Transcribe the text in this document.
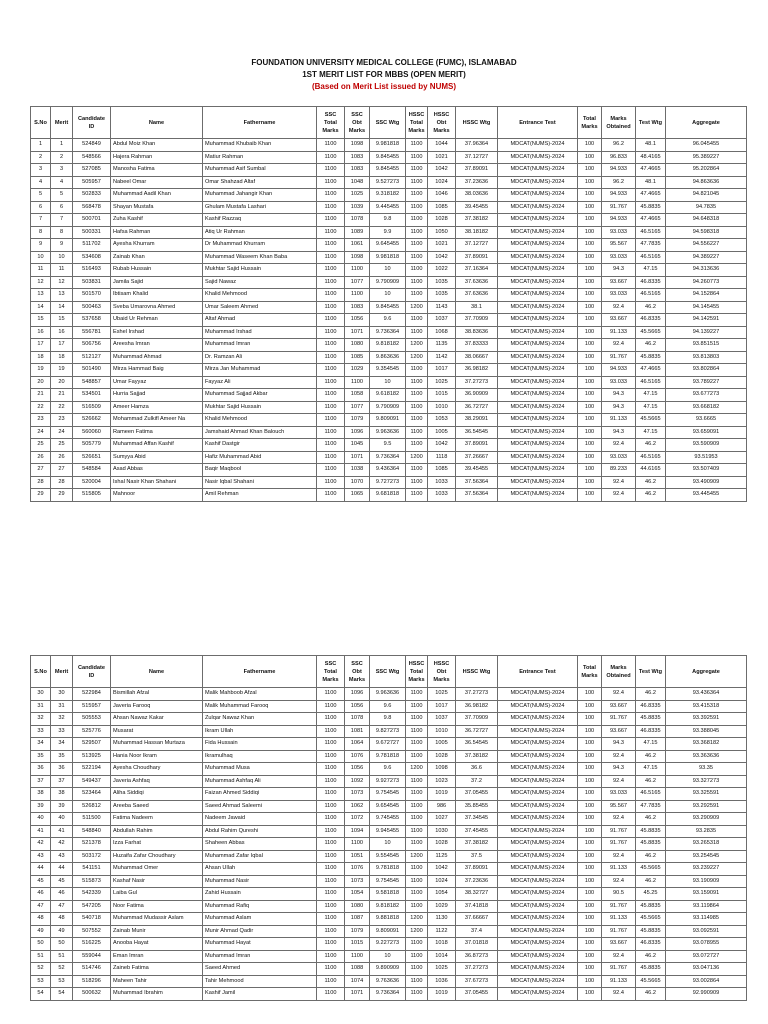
FOUNDATION UNIVERSITY MEDICAL COLLEGE (FUMC), ISLAMABAD
1ST MERIT LIST FOR MBBS (OPEN MERIT)
(Based on Merit List issued by NUMS)
S.No	Merit	Candidate ID	Name	Fathername	SSC Total Marks	SSC Obt Marks	SSC Wtg	HSSC Total Marks	HSSC Obt Marks	HSSC Wtg	Entrance Test	Total Marks	Marks Obtained	Test Wtg	Aggregate
1	1	524849	Abdul Moiz Khan	Muhammad Khubaib Khan	1100	1098	9.981818	1100	1044	37.96364	MDCAT(NUMS)-2024	100	96.2	48.1	96.045455
2	2	548566	Hajera Rahman	Matiur Rahman	1100	1083	9.845455	1100	1021	37.12727	MDCAT(NUMS)-2024	100	96.833	48.4165	95.389227
3	3	527085	Manosha Fatima	Muhammad Asif Sumbal	1100	1083	9.845455	1100	1042	37.89091	MDCAT(NUMS)-2024	100	94.933	47.4665	95.202864
4	4	505957	Nabeel Omar	Omar Shahzad Altaf	1100	1048	9.527273	1100	1024	37.23636	MDCAT(NUMS)-2024	100	96.2	48.1	94.863636
5	5	502833	Muhammad Aadil Khan	Muhammad Jahangir Khan	1100	1025	9.318182	1100	1046	38.03636	MDCAT(NUMS)-2024	100	94.933	47.4665	94.821045
6	6	568478	Shayan Mustafa	Ghulam Mustafa Lashari	1100	1039	9.445455	1100	1085	39.45455	MDCAT(NUMS)-2024	100	91.767	45.8835	94.7835
7	7	500701	Zuha Kashif	Kashif Razzaq	1100	1078	9.8	1100	1028	37.38182	MDCAT(NUMS)-2024	100	94.933	47.4665	94.648318
8	8	500331	Hafsa Rahman	Atiq Ur Rahman	1100	1089	9.9	1100	1050	38.18182	MDCAT(NUMS)-2024	100	93.033	46.5165	94.598318
9	9	511702	Ayesha Khurram	Dr Muhammad Khurram	1100	1061	9.645455	1100	1021	37.12727	MDCAT(NUMS)-2024	100	95.567	47.7835	94.556227
10	10	534608	Zainab Khan	Muhammad Waseem Khan Baba	1100	1098	9.981818	1100	1042	37.89091	MDCAT(NUMS)-2024	100	93.033	46.5165	94.389227
11	11	516493	Rubab Hussain	Mukhtar Sajid Hussain	1100	1100	10	1100	1022	37.16364	MDCAT(NUMS)-2024	100	94.3	47.15	94.313636
12	12	503831	Jamila Sajid	Sajid Nawaz	1100	1077	9.790909	1100	1035	37.63636	MDCAT(NUMS)-2024	100	93.667	46.8335	94.260773
13	13	501570	Ibtisam Khalid	Khalid Mehmood	1100	1100	10	1100	1035	37.63636	MDCAT(NUMS)-2024	100	93.033	46.5165	94.152864
14	14	500463	Sveba Umarovna Ahmed	Umar Saleem Ahmed	1100	1083	9.845455	1200	1143	38.1	MDCAT(NUMS)-2024	100	92.4	46.2	94.145455
15	15	537658	Ubaid Ur Rehman	Altaf Ahmad	1100	1056	9.6	1100	1037	37.70909	MDCAT(NUMS)-2024	100	93.667	46.8335	94.142591
16	16	556781	Eshel Irshad	Muhammad Irshad	1100	1071	9.736364	1100	1068	38.83636	MDCAT(NUMS)-2024	100	91.133	45.5665	94.139227
17	17	506756	Areesha Imran	Muhammad Imran	1100	1080	9.818182	1200	1135	37.83333	MDCAT(NUMS)-2024	100	92.4	46.2	93.851515
18	18	512127	Muhammad Ahmad	Dr. Ramzan Ali	1100	1085	9.863636	1200	1142	38.06667	MDCAT(NUMS)-2024	100	91.767	45.8835	93.813803
19	19	501490	Mirza Hammad Baig	Mirza Jan Muhammad	1100	1029	9.354545	1100	1017	36.98182	MDCAT(NUMS)-2024	100	94.933	47.4665	93.802864
20	20	548857	Umar Fayyaz	Fayyaz Ali	1100	1100	10	1100	1025	37.27273	MDCAT(NUMS)-2024	100	93.033	46.5165	93.789227
21	21	534501	Hurria Sajjad	Muhammad Sajjad Akbar	1100	1058	9.618182	1100	1015	36.90909	MDCAT(NUMS)-2024	100	94.3	47.15	93.677273
22	22	516509	Ameer Hamza	Mukhtar Sajid Hussain	1100	1077	9.790909	1100	1010	36.72727	MDCAT(NUMS)-2024	100	94.3	47.15	93.668182
23	23	526662	Mohammad Zulkifl Ameer Na	Khalid Mehmood	1100	1079	9.809091	1100	1053	38.29091	MDCAT(NUMS)-2024	100	91.133	45.5665	93.6665
24	24	560060	Rameen Fatima	Jamshaid Ahmad Khan Balouch	1100	1096	9.963636	1100	1005	36.54545	MDCAT(NUMS)-2024	100	94.3	47.15	93.659091
25	25	505779	Muhammad Affan Kashif	Kashif Dastgir	1100	1045	9.5	1100	1042	37.89091	MDCAT(NUMS)-2024	100	92.4	46.2	93.590909
26	26	526651	Sumyya Abid	Hafiz Muhammad Abid	1100	1071	9.736364	1200	1118	37.26667	MDCAT(NUMS)-2024	100	93.033	46.5165	93.51953
27	27	548584	Asad Abbas	Baqir Maqbool	1100	1038	9.436364	1100	1085	39.45455	MDCAT(NUMS)-2024	100	89.233	44.6165	93.507409
28	28	520004	Ishal Nasir Khan Shahani	Nasir Iqbal Shahani	1100	1070	9.727273	1100	1033	37.56364	MDCAT(NUMS)-2024	100	92.4	46.2	93.490909
29	29	515805	Mahnoor	Amil Rehman	1100	1065	9.681818	1100	1033	37.56364	MDCAT(NUMS)-2024	100	92.4	46.2	93.445455
S.No	Merit	Candidate ID	Name	Fathername	SSC Total Marks	SSC Obt Marks	SSC Wtg	HSSC Total Marks	HSSC Obt Marks	HSSC Wtg	Entrance Test	Total Marks	Marks Obtained	Test Wtg	Aggregate
30	30	522984	Bismillah Afzal	Malik Mahboob Afzal	1100	1096	9.963636	1100	1025	37.27273	MDCAT(NUMS)-2024	100	92.4	46.2	93.436364
31	31	515957	Javeria Farooq	Malik Muhammad Farooq	1100	1056	9.6	1100	1017	36.98182	MDCAT(NUMS)-2024	100	93.667	46.8335	93.415318
32	32	505553	Ahsan Nawaz Kakar	Zulqar Nawaz Khan	1100	1078	9.8	1100	1037	37.70909	MDCAT(NUMS)-2024	100	91.767	45.8835	93.392591
33	33	525776	Musarat	Ikram Ullah	1100	1081	9.827273	1100	1010	36.72727	MDCAT(NUMS)-2024	100	93.667	46.8335	93.388045
34	34	529507	Muhammad Hassan Murtaza	Fida Hussain	1100	1064	9.672727	1100	1005	36.54545	MDCAT(NUMS)-2024	100	94.3	47.15	93.368182
35	35	513925	Hania Noor Ikram	Ikramulhaq	1100	1076	9.781818	1100	1028	37.38182	MDCAT(NUMS)-2024	100	92.4	46.2	93.363636
36	36	522194	Ayesha Choudhary	Muhammad Musa	1100	1056	9.6	1200	1098	36.6	MDCAT(NUMS)-2024	100	94.3	47.15	93.35
37	37	549437	Javeria Ashfaq	Muhammad Ashfaq Ali	1100	1092	9.927273	1100	1023	37.2	MDCAT(NUMS)-2024	100	92.4	46.2	93.327273
38	38	523464	Aliha Siddiqi	Faizan Ahmed Siddiqi	1100	1073	9.754545	1100	1019	37.05455	MDCAT(NUMS)-2024	100	93.033	46.5165	93.325591
39	39	526812	Areeba Saeed	Saeed Ahmad Saleemi	1100	1062	9.654545	1100	986	35.85455	MDCAT(NUMS)-2024	100	95.567	47.7835	93.292591
40	40	511500	Fatima Nadeem	Nadeem Jawaid	1100	1072	9.745455	1100	1027	37.34545	MDCAT(NUMS)-2024	100	92.4	46.2	93.290909
41	41	548840	Abdullah Rahim	Abdul Rahim Qureshi	1100	1094	9.945455	1100	1030	37.45455	MDCAT(NUMS)-2024	100	91.767	45.8835	93.2835
42	42	521378	Izza Farhat	Shaheen Abbas	1100	1100	10	1100	1028	37.38182	MDCAT(NUMS)-2024	100	91.767	45.8835	93.265318
43	43	503172	Huzaifa Zafar Choudhary	Muhammad Zafar Iqbal	1100	1051	9.554545	1200	1125	37.5	MDCAT(NUMS)-2024	100	92.4	46.2	93.254545
44	44	541151	Muhammad Omer	Ahsan Ullah	1100	1076	9.781818	1100	1042	37.89091	MDCAT(NUMS)-2024	100	91.133	45.5665	93.239227
45	45	515873	Kashaf Nasir	Muhammad Nasir	1100	1073	9.754545	1100	1024	37.23636	MDCAT(NUMS)-2024	100	92.4	46.2	93.190909
46	46	542339	Laiba Gul	Zahid Hussain	1100	1054	9.581818	1100	1054	38.32727	MDCAT(NUMS)-2024	100	90.5	45.25	93.159091
47	47	547205	Noor Fatima	Muhammad Rafiq	1100	1080	9.818182	1100	1029	37.41818	MDCAT(NUMS)-2024	100	91.767	45.8835	93.119864
48	48	540718	Muhammad Mudassir Aslam	Muhammad Aslam	1100	1087	9.881818	1200	1130	37.66667	MDCAT(NUMS)-2024	100	91.133	45.5665	93.114985
49	49	507552	Zainab Munir	Munir Ahmad Qadir	1100	1079	9.809091	1200	1122	37.4	MDCAT(NUMS)-2024	100	91.767	45.8835	93.092591
50	50	516225	Anooba Hayat	Muhammad Hayat	1100	1015	9.227273	1100	1018	37.01818	MDCAT(NUMS)-2024	100	93.667	46.8335	93.078955
51	51	559044	Eman Imran	Muhammad Imran	1100	1100	10	1100	1014	36.87273	MDCAT(NUMS)-2024	100	92.4	46.2	93.072727
52	52	514746	Zaineb Fatima	Saeed Ahmed	1100	1088	9.890909	1100	1025	37.27273	MDCAT(NUMS)-2024	100	91.767	45.8835	93.047136
53	53	518296	Maheen Tahir	Tahir Mehmood	1100	1074	9.763636	1100	1036	37.67273	MDCAT(NUMS)-2024	100	91.133	45.5665	93.002864
54	54	500632	Muhammad Ibrahim	Kashif Jamil	1100	1071	9.736364	1100	1019	37.05455	MDCAT(NUMS)-2024	100	92.4	46.2	92.990909
